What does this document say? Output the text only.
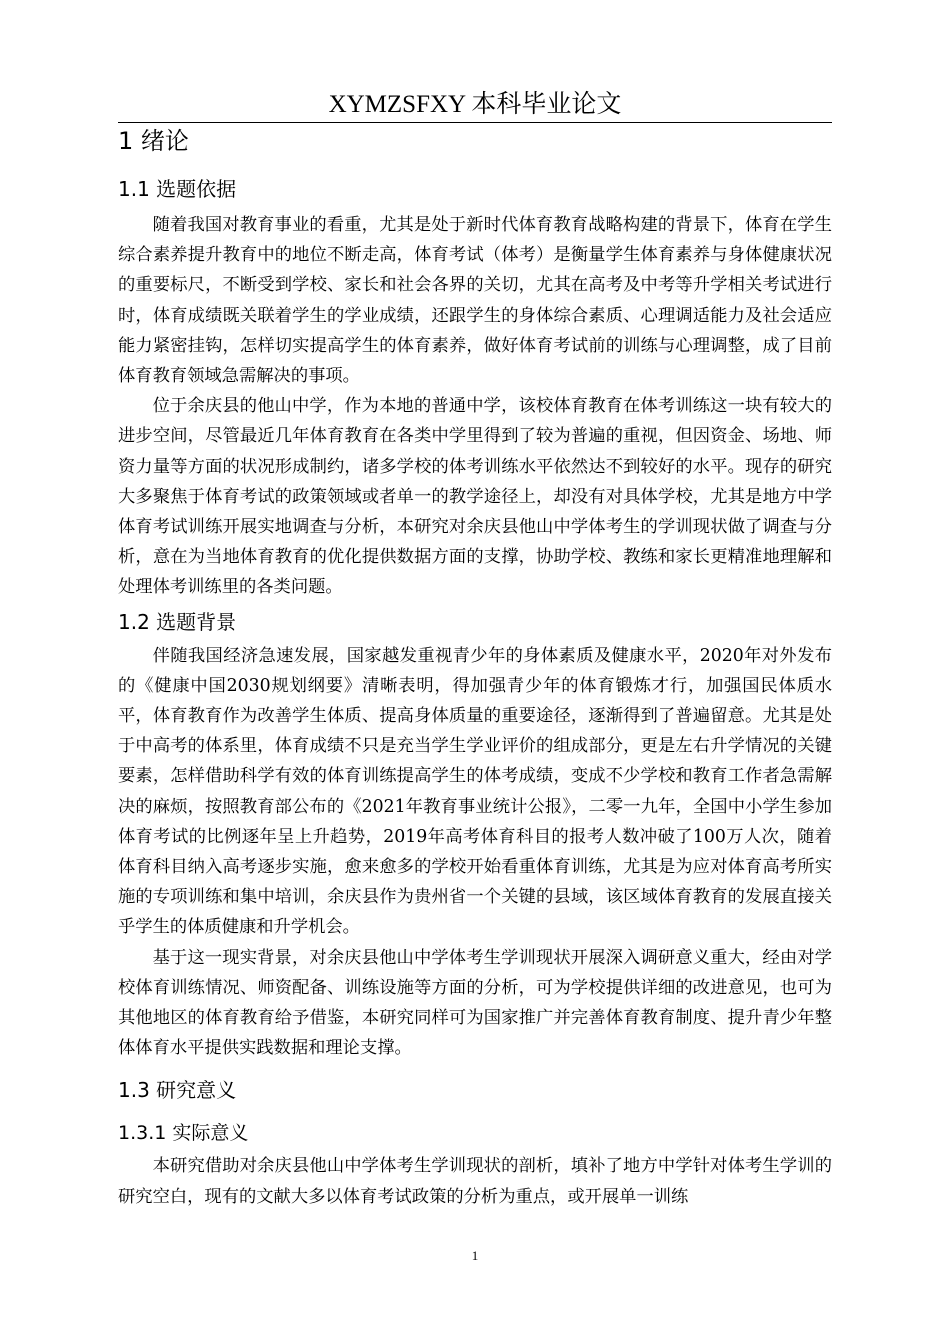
XYMZSFXY 本科毕业论文
1 绪论
1.1 选题依据

随着我国对教育事业的看重，尤其是处于新时代体育教育战略构建的背景下，体育在学生综合素养提升教育中的地位不断走高，体育考试（体考）是衡量学生体育素养与身体健康状况的重要标尺，不断受到学校、家长和社会各界的关切，尤其在高考及中考等升学相关考试进行时，体育成绩既关联着学生的学业成绩，还跟学生的身体综合素质、心理调适能力及社会适应能力紧密挂钩，怎样切实提高学生的体育素养，做好体育考试前的训练与心理调整，成了目前体育教育领域急需解决的事项。

位于余庆县的他山中学，作为本地的普通中学，该校体育教育在体考训练这一块有较大的进步空间，尽管最近几年体育教育在各类中学里得到了较为普遍的重视，但因资金、场地、师资力量等方面的状况形成制约，诸多学校的体考训练水平依然达不到较好的水平。现存的研究大多聚焦于体育考试的政策领域或者单一的教学途径上，却没有对具体学校，尤其是地方中学体育考试训练开展实地调查与分析，本研究对余庆县他山中学体考生的学训现状做了调查与分析，意在为当地体育教育的优化提供数据方面的支撑，协助学校、教练和家长更精准地理解和处理体考训练里的各类问题。

1.2 选题背景

伴随我国经济急速发展，国家越发重视青少年的身体素质及健康水平，2020年对外发布的《健康中国2030规划纲要》清晰表明，得加强青少年的体育锻炼才行，加强国民体质水平，体育教育作为改善学生体质、提高身体质量的重要途径，逐渐得到了普遍留意。尤其是处于中高考的体系里，体育成绩不只是充当学生学业评价的组成部分，更是左右升学情况的关键要素，怎样借助科学有效的体育训练提高学生的体考成绩，变成不少学校和教育工作者急需解决的麻烦，按照教育部公布的《2021年教育事业统计公报》，二零一九年，全国中小学生参加体育考试的比例逐年呈上升趋势，2019年高考体育科目的报考人数冲破了100万人次，随着体育科目纳入高考逐步实施，愈来愈多的学校开始看重体育训练，尤其是为应对体育高考所实施的专项训练和集中培训，余庆县作为贵州省一个关键的县域，该区域体育教育的发展直接关乎学生的体质健康和升学机会。

基于这一现实背景，对余庆县他山中学体考生学训现状开展深入调研意义重大，经由对学校体育训练情况、师资配备、训练设施等方面的分析，可为学校提供详细的改进意见，也可为其他地区的体育教育给予借鉴，本研究同样可为国家推广并完善体育教育制度、提升青少年整体体育水平提供实践数据和理论支撑。

1.3 研究意义
1.3.1 实际意义

本研究借助对余庆县他山中学体考生学训现状的剖析，填补了地方中学针对体考生学训的研究空白，现有的文献大多以体育考试政策的分析为重点，或开展单一训练

1
